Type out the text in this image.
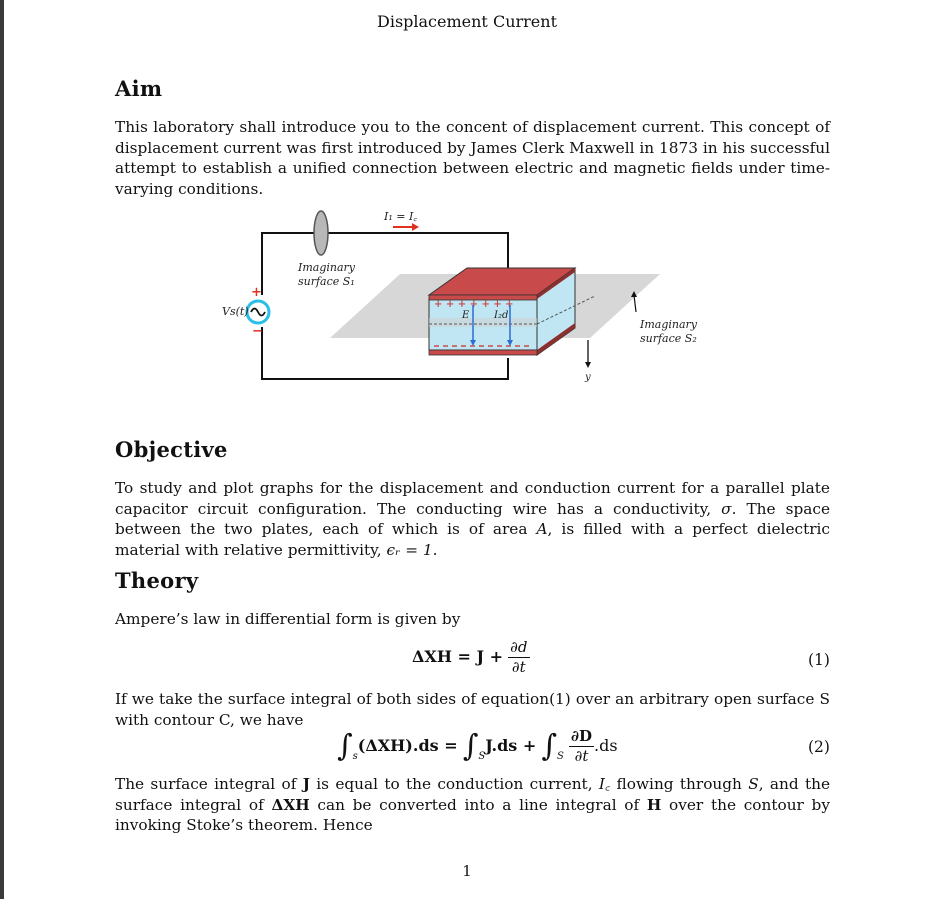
Displacement Current
Aim
This laboratory shall introduce you to the concent of displacement current. This concept of displacement current was first introduced by James Clerk Maxwell in 1873 in his successful attempt to establish a unified connection between electric and magnetic fields under time-varying conditions.
I₁ = I꜀
Imaginary
surface S₁
+
−
Vs(t)
+ + + + + + +
E I₂d
y
Imaginary
surface S₂
Objective
To study and plot graphs for the displacement and conduction current for a parallel plate capacitor circuit configuration. The conducting wire has a conductivity, σ. The space between the two plates, each of which is of area A, is filled with a perfect dielectric material with relative permittivity, ϵᵣ = 1.
Theory
Ampere’s law in differential form is given by
$\Delta XH = J + \frac{\partial d}{\partial t}$	(1)
If we take the surface integral of both sides of equation(1) over an arbitrary open surface S with contour C, we have
$\int_s(\Delta XH).ds = \int_SJ.ds + \int_S \frac{\partial D}{\partial t} .ds$	(2)
The surface integral of J is equal to the conduction current, I꜀ flowing through S, and the surface integral of ΔXH can be converted into a line integral of H over the contour by invoking Stoke’s theorem. Hence
1
